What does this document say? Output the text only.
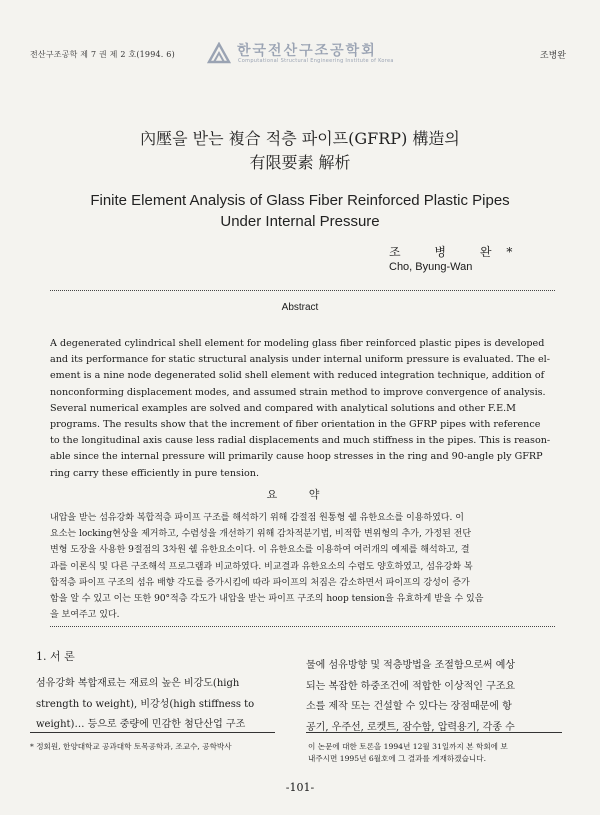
전산구조공학 제 7 권 제 2 호(1994. 6)	한국전산구조공학회
Computational Structural Engineering Institute of Korea	조병완
內壓을 받는 複合 적층 파이프(GFRP) 構造의
有限要素 解析
Finite Element Analysis of Glass Fiber Reinforced Plastic Pipes
Under Internal Pressure
조 병 완*
Cho, Byung-Wan
Abstract
A degenerated cylindrical shell element for modeling glass fiber reinforced plastic pipes is developed
and its performance for static structural analysis under internal uniform pressure is evaluated. The el-
ement is a nine node degenerated solid shell element with reduced integration technique, addition of
nonconforming displacement modes, and assumed strain method to improve convergence of analysis.
Several numerical examples are solved and compared with analytical solutions and other F.E.M
programs. The results show that the increment of fiber orientation in the GFRP pipes with reference
to the longitudinal axis cause less radial displacements and much stiffness in the pipes. This is reason-
able since the internal pressure will primarily cause hoop stresses in the ring and 90-angle ply GFRP
ring carry these efficiently in pure tension.
요 약
내압을 받는 섬유강화 복합적층 파이프 구조를 해석하기 위해 감절점 원통형 쉘 유한요소를 이용하였다. 이
요소는 locking현상을 제거하고, 수렴성을 개선하기 위해 감차적분기법, 비적합 변위형의 추가, 가정된 전단
변형 도장을 사용한 9절점의 3차원 쉘 유한요소이다. 이 유한요소를 이용하여 여러개의 예제를 해석하고, 결
과를 이론식 및 다른 구조해석 프로그램과 비교하였다. 비교결과 유한요소의 수렴도 양호하였고, 섬유강화 복
합적층 파이프 구조의 섬유 배향 각도를 증가시킴에 따라 파이프의 처짐은 감소하면서 파이프의 강성이 증가
함을 알 수 있고 이는 또한 90°적층 각도가 내압을 받는 파이프 구조의 hoop tension을 유효하게 받을 수 있음
을 보여주고 있다.
1. 서 론
섬유강화 복합재료는 재료의 높은 비강도(high
strength to weight), 비강성(high stiffness to
weight)… 등으로 중량에 민감한 첨단산업 구조
물에 섬유방향 및 적층방법을 조절함으로써 예상
되는 복잡한 하중조건에 적합한 이상적인 구조요
소를 제작 또는 건설할 수 있다는 장점때문에 항
공기, 우주선, 로켓트, 잠수함, 압력용기, 각종 수
* 정회원, 한양대학교 공과대학 토목공학과, 조교수, 공학박사	이 논문에 대한 토론을 1994년 12월 31일까지 본 학회에 보
내주시면 1995년 6월호에 그 결과를 게재하겠습니다.
-101-
